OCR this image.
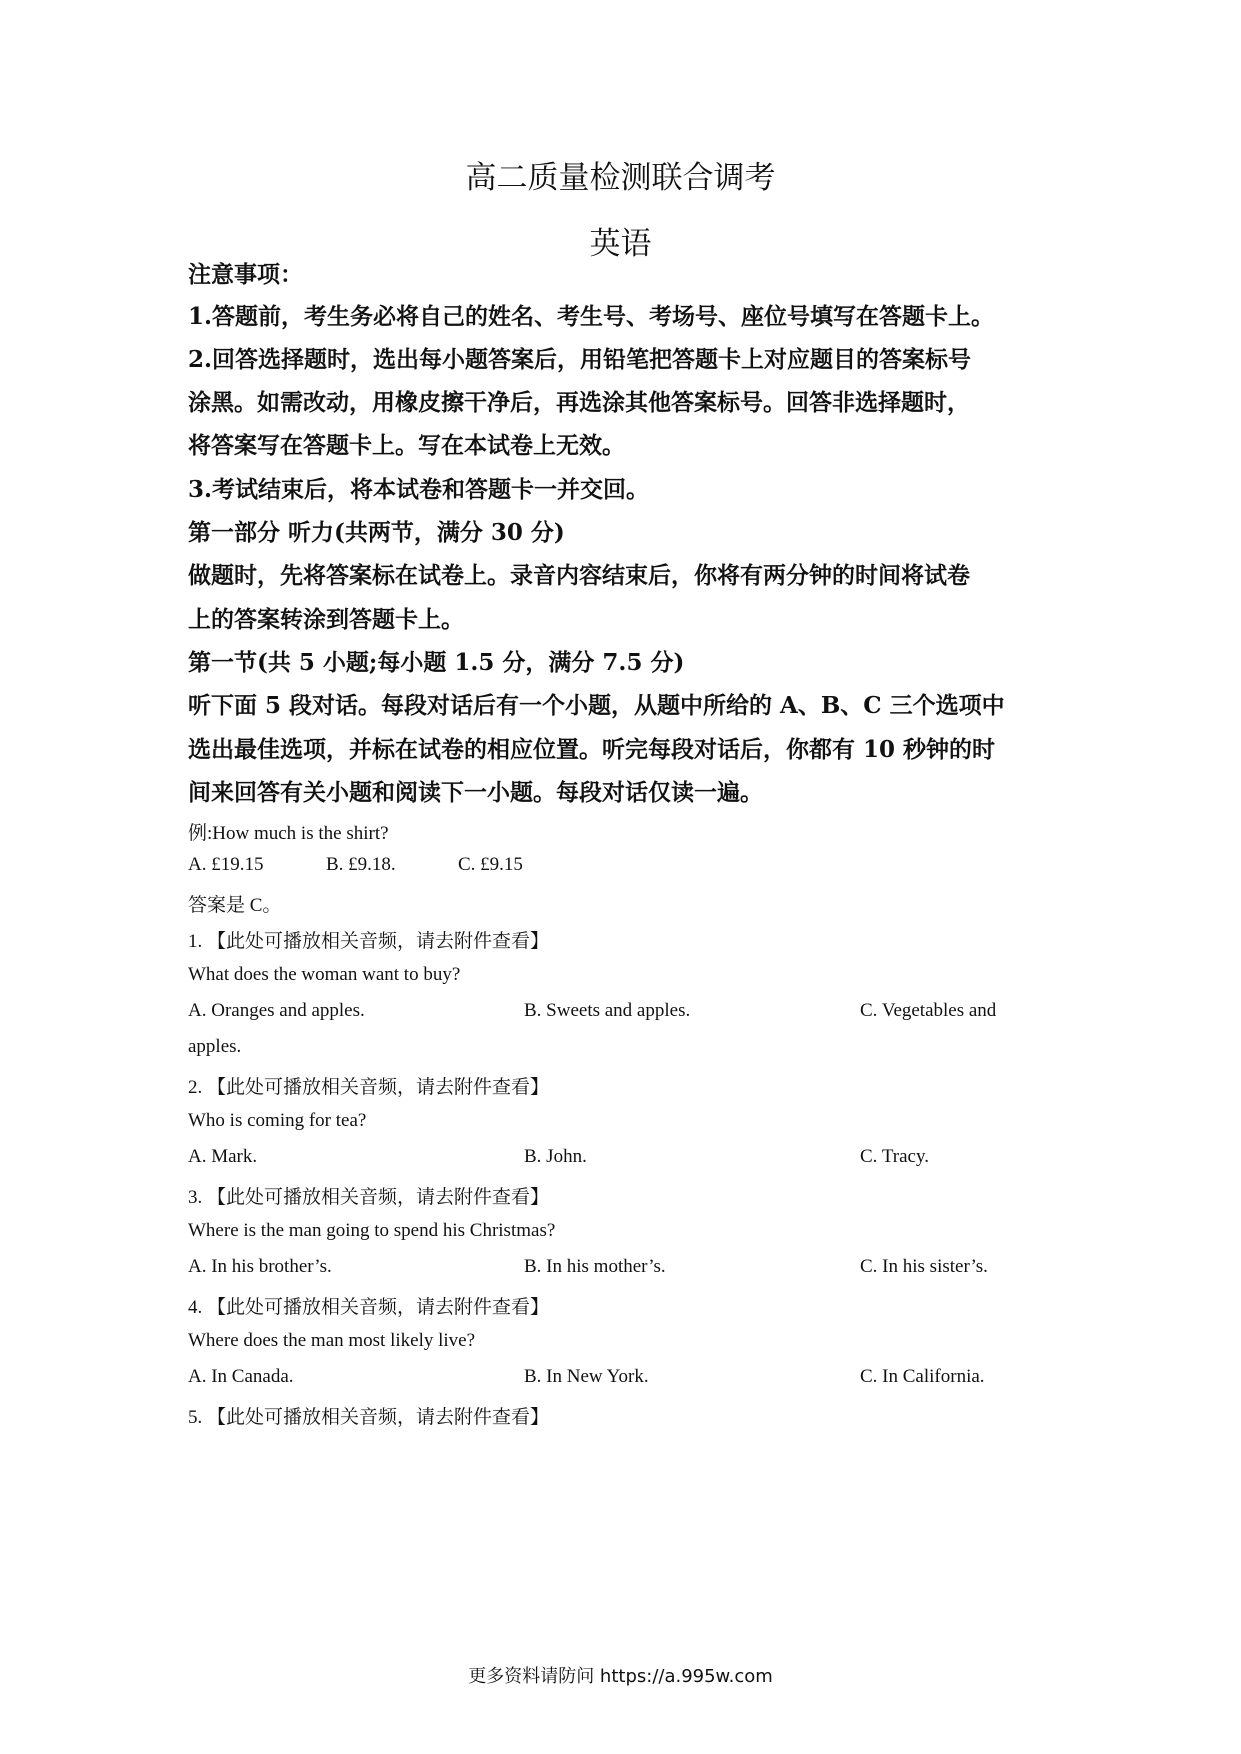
高二质量检测联合调考
英语
注意事项：
1.答题前，考生务必将自己的姓名、考生号、考场号、座位号填写在答题卡上。
2.回答选择题时，选出每小题答案后，用铅笔把答题卡上对应题目的答案标号
涂黑。如需改动，用橡皮擦干净后，再选涂其他答案标号。回答非选择题时，
将答案写在答题卡上。写在本试卷上无效。
3.考试结束后，将本试卷和答题卡一并交回。
第一部分 听力(共两节，满分 30 分)
做题时，先将答案标在试卷上。录音内容结束后，你将有两分钟的时间将试卷
上的答案转涂到答题卡上。
第一节(共 5 小题;每小题 1.5 分，满分 7.5 分)
听下面 5 段对话。每段对话后有一个小题，从题中所给的 A、B、C 三个选项中
选出最佳选项，并标在试卷的相应位置。听完每段对话后，你都有 10 秒钟的时
间来回答有关小题和阅读下一小题。每段对话仅读一遍。
例:How much is the shirt?
A. £19.15	B. £9.18.	C. £9.15
答案是 C。
1. 【此处可播放相关音频，请去附件查看】
What does the woman want to buy?
A. Oranges and apples.	B. Sweets and apples.	C. Vegetables and
apples.
2. 【此处可播放相关音频，请去附件查看】
Who is coming for tea?
A. Mark.	B. John.	C. Tracy.
3. 【此处可播放相关音频，请去附件查看】
Where is the man going to spend his Christmas?
A. In his brother’s.	B. In his mother’s.	C. In his sister’s.
4. 【此处可播放相关音频，请去附件查看】
Where does the man most likely live?
A. In Canada.	B. In New York.	C. In California.
5. 【此处可播放相关音频，请去附件查看】
更多资料请防问 https://a.995w.com
